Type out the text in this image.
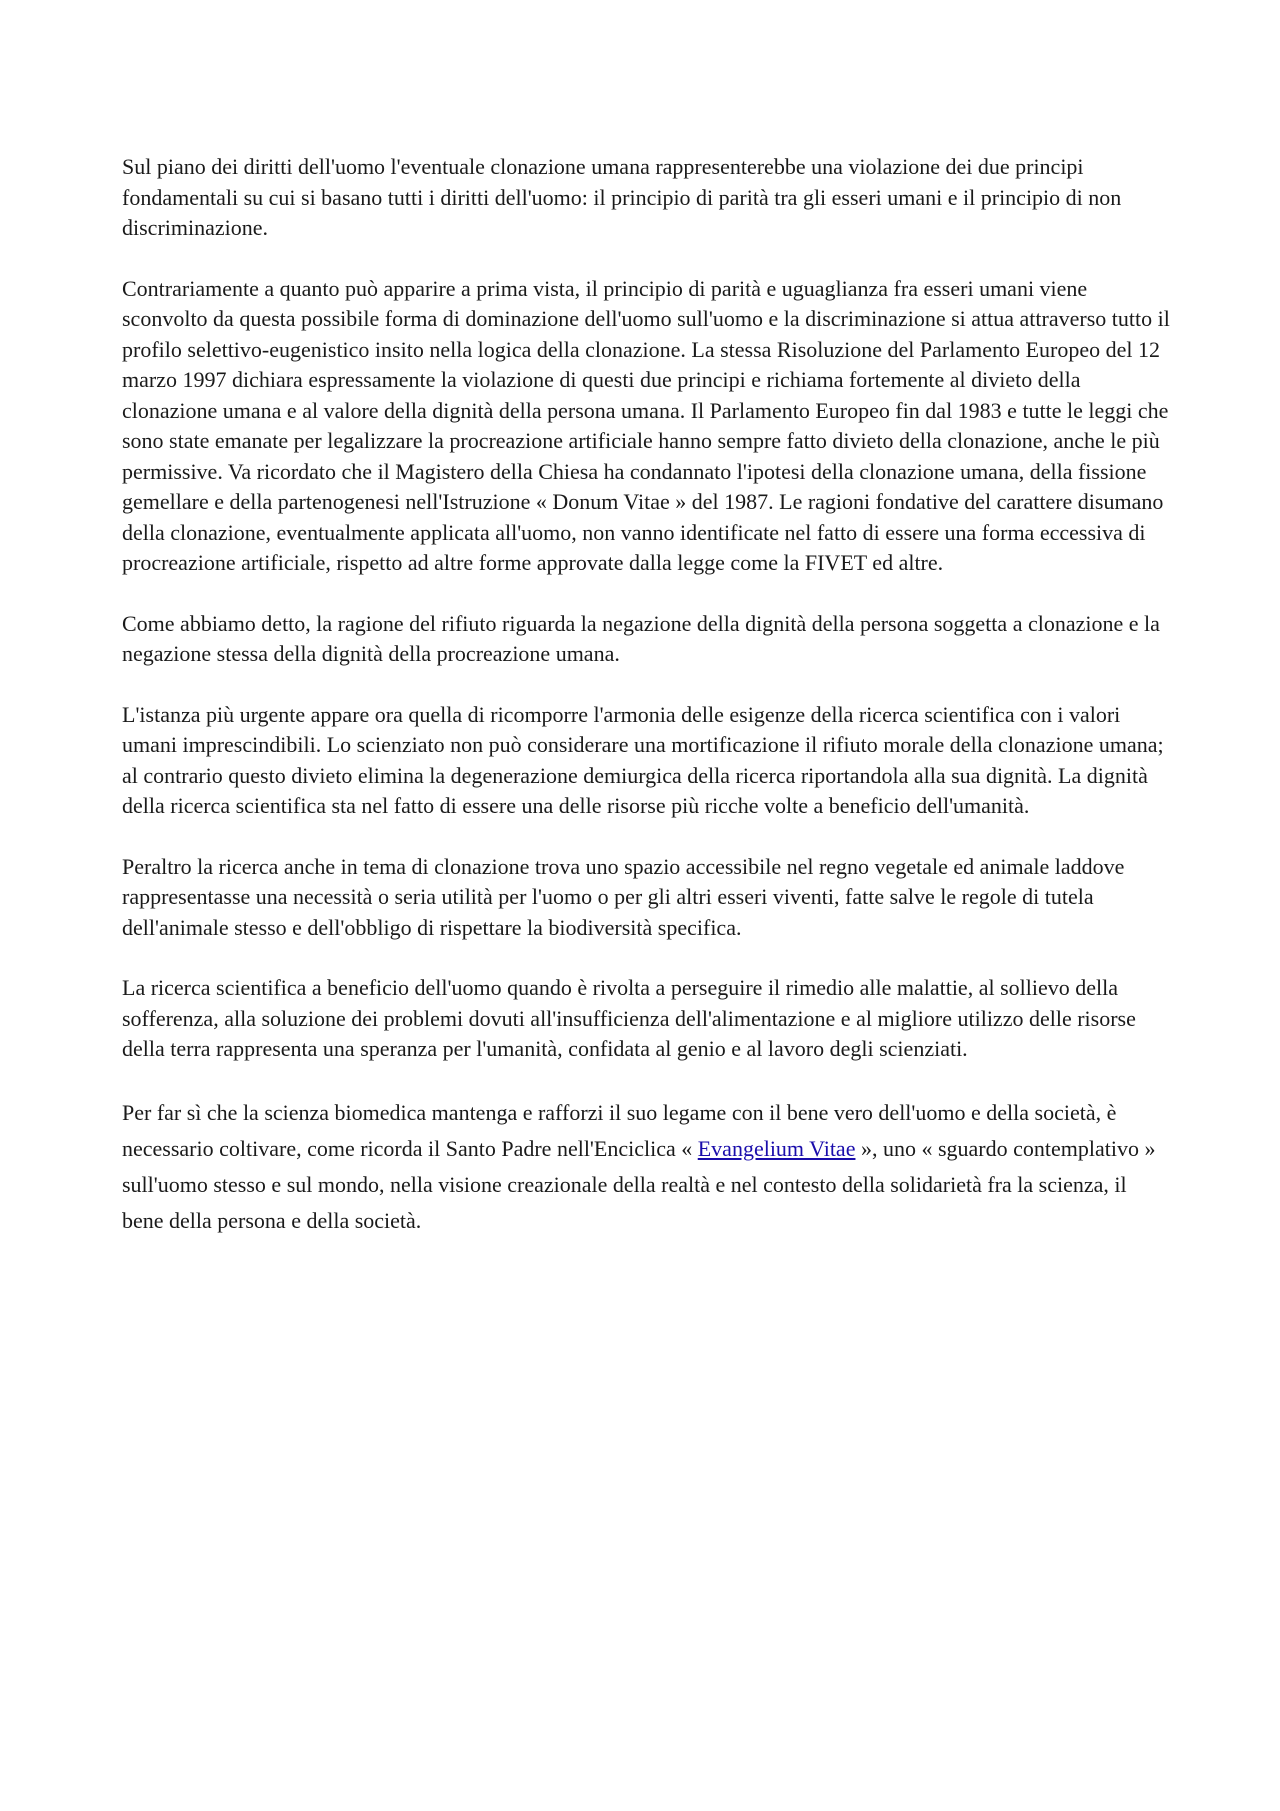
Sul piano dei diritti dell'uomo l'eventuale clonazione umana rappresenterebbe una violazione dei due principi fondamentali su cui si basano tutti i diritti dell'uomo: il principio di parità tra gli esseri umani e il principio di non discriminazione.

Contrariamente a quanto può apparire a prima vista, il principio di parità e uguaglianza fra esseri umani viene sconvolto da questa possibile forma di dominazione dell'uomo sull'uomo e la discriminazione si attua attraverso tutto il profilo selettivo-eugenistico insito nella logica della clonazione. La stessa Risoluzione del Parlamento Europeo del 12 marzo 1997 dichiara espressamente la violazione di questi due principi e richiama fortemente al divieto della clonazione umana e al valore della dignità della persona umana. Il Parlamento Europeo fin dal 1983 e tutte le leggi che sono state emanate per legalizzare la procreazione artificiale hanno sempre fatto divieto della clonazione, anche le più permissive. Va ricordato che il Magistero della Chiesa ha condannato l'ipotesi della clonazione umana, della fissione gemellare e della partenogenesi nell'Istruzione « Donum Vitae » del 1987. Le ragioni fondative del carattere disumano della clonazione, eventualmente applicata all'uomo, non vanno identificate nel fatto di essere una forma eccessiva di procreazione artificiale, rispetto ad altre forme approvate dalla legge come la FIVET ed altre.

Come abbiamo detto, la ragione del rifiuto riguarda la negazione della dignità della persona soggetta a clonazione e la negazione stessa della dignità della procreazione umana.

L'istanza più urgente appare ora quella di ricomporre l'armonia delle esigenze della ricerca scientifica con i valori umani imprescindibili. Lo scienziato non può considerare una mortificazione il rifiuto morale della clonazione umana; al contrario questo divieto elimina la degenerazione demiurgica della ricerca riportandola alla sua dignità. La dignità della ricerca scientifica sta nel fatto di essere una delle risorse più ricche volte a beneficio dell'umanità.

Peraltro la ricerca anche in tema di clonazione trova uno spazio accessibile nel regno vegetale ed animale laddove rappresentasse una necessità o seria utilità per l'uomo o per gli altri esseri viventi, fatte salve le regole di tutela dell'animale stesso e dell'obbligo di rispettare la biodiversità specifica.

La ricerca scientifica a beneficio dell'uomo quando è rivolta a perseguire il rimedio alle malattie, al sollievo della sofferenza, alla soluzione dei problemi dovuti all'insufficienza dell'alimentazione e al migliore utilizzo delle risorse della terra rappresenta una speranza per l'umanità, confidata al genio e al lavoro degli scienziati.

Per far sì che la scienza biomedica mantenga e rafforzi il suo legame con il bene vero dell'uomo e della società, è necessario coltivare, come ricorda il Santo Padre nell'Enciclica « Evangelium Vitae », uno « sguardo contemplativo » sull'uomo stesso e sul mondo, nella visione creazionale della realtà e nel contesto della solidarietà fra la scienza, il bene della persona e della società.
